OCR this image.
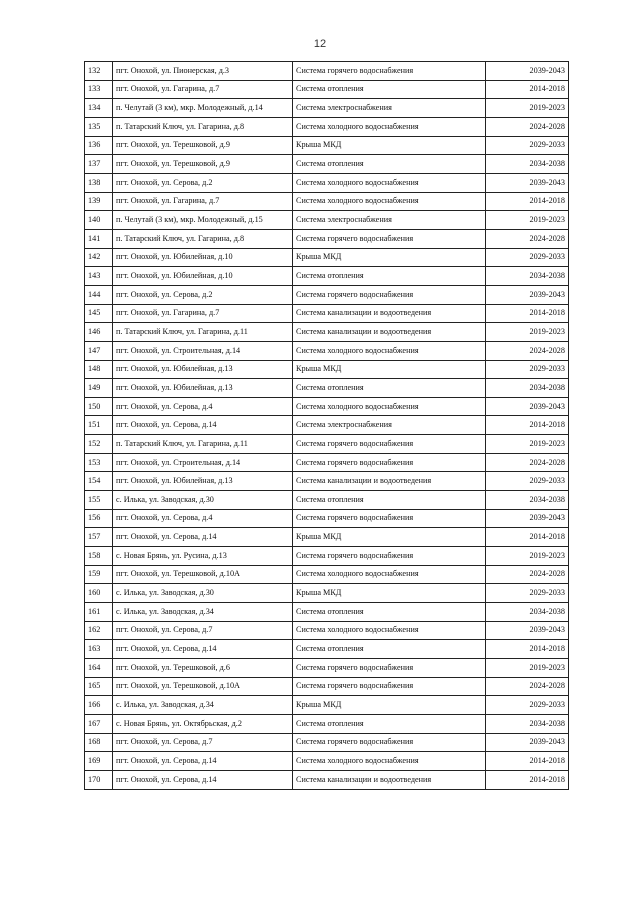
12
132	пгт. Онохой, ул. Пионерская, д.3	Система горячего водоснабжения	2039-2043
133	пгт. Онохой, ул. Гагарина, д.7	Система отопления	2014-2018
134	п. Челутай (3 км), мкр. Молодежный, д.14	Система электроснабжения	2019-2023
135	п. Татарский Ключ, ул. Гагарина, д.8	Система холодного водоснабжения	2024-2028
136	пгт. Онохой, ул. Терешковой, д.9	Крыша МКД	2029-2033
137	пгт. Онохой, ул. Терешковой, д.9	Система отопления	2034-2038
138	пгт. Онохой, ул. Серова, д.2	Система холодного водоснабжения	2039-2043
139	пгт. Онохой, ул. Гагарина, д.7	Система холодного водоснабжения	2014-2018
140	п. Челутай (3 км), мкр. Молодежный, д.15	Система электроснабжения	2019-2023
141	п. Татарский Ключ, ул. Гагарина, д.8	Система горячего водоснабжения	2024-2028
142	пгт. Онохой, ул. Юбилейная, д.10	Крыша МКД	2029-2033
143	пгт. Онохой, ул. Юбилейная, д.10	Система отопления	2034-2038
144	пгт. Онохой, ул. Серова, д.2	Система горячего водоснабжения	2039-2043
145	пгт. Онохой, ул. Гагарина, д.7	Система канализации и водоотведения	2014-2018
146	п. Татарский Ключ, ул. Гагарина, д.11	Система канализации и водоотведения	2019-2023
147	пгт. Онохой, ул. Строительная, д.14	Система холодного водоснабжения	2024-2028
148	пгт. Онохой, ул. Юбилейная, д.13	Крыша МКД	2029-2033
149	пгт. Онохой, ул. Юбилейная, д.13	Система отопления	2034-2038
150	пгт. Онохой, ул. Серова, д.4	Система холодного водоснабжения	2039-2043
151	пгт. Онохой, ул. Серова, д.14	Система электроснабжения	2014-2018
152	п. Татарский Ключ, ул. Гагарина, д.11	Система горячего водоснабжения	2019-2023
153	пгт. Онохой, ул. Строительная, д.14	Система горячего водоснабжения	2024-2028
154	пгт. Онохой, ул. Юбилейная, д.13	Система канализации и водоотведения	2029-2033
155	с. Илька, ул. Заводская, д.30	Система отопления	2034-2038
156	пгт. Онохой, ул. Серова, д.4	Система горячего водоснабжения	2039-2043
157	пгт. Онохой, ул. Серова, д.14	Крыша МКД	2014-2018
158	с. Новая Брянь, ул. Русина, д.13	Система горячего водоснабжения	2019-2023
159	пгт. Онохой, ул. Терешковой, д.10А	Система холодного водоснабжения	2024-2028
160	с. Илька, ул. Заводская, д.30	Крыша МКД	2029-2033
161	с. Илька, ул. Заводская, д.34	Система отопления	2034-2038
162	пгт. Онохой, ул. Серова, д.7	Система холодного водоснабжения	2039-2043
163	пгт. Онохой, ул. Серова, д.14	Система отопления	2014-2018
164	пгт. Онохой, ул. Терешковой, д.6	Система горячего водоснабжения	2019-2023
165	пгт. Онохой, ул. Терешковой, д.10А	Система горячего водоснабжения	2024-2028
166	с. Илька, ул. Заводская, д.34	Крыша МКД	2029-2033
167	с. Новая Брянь, ул. Октябрьская, д.2	Система отопления	2034-2038
168	пгт. Онохой, ул. Серова, д.7	Система горячего водоснабжения	2039-2043
169	пгт. Онохой, ул. Серова, д.14	Система холодного водоснабжения	2014-2018
170	пгт. Онохой, ул. Серова, д.14	Система канализации и водоотведения	2014-2018
